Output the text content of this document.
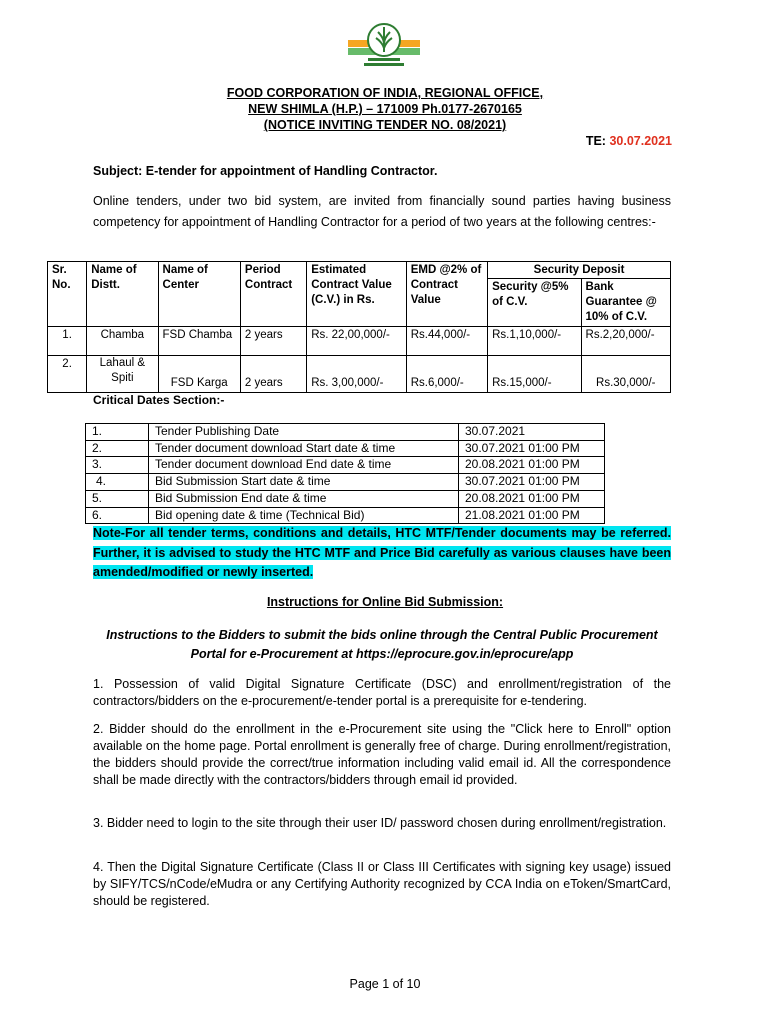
FOOD CORPORATION OF INDIA, REGIONAL OFFICE,
NEW SHIMLA (H.P.) – 171009 Ph.0177-2670165
(NOTICE INVITING TENDER NO. 08/2021)
TE: 30.07.2021
Subject: E-tender for appointment of Handling Contractor.
Online tenders, under two bid system, are invited from financially sound parties having business competency for appointment of Handling Contractor for a period of two years at the following centres:-
Sr. No.	Name of Distt.	Name of Center	Period Contract	Estimated Contract Value (C.V.) in Rs.	EMD @2% of Contract Value	Security Deposit	
						Security @5% of C.V.	Bank Guarantee @ 10% of C.V.
1.	Chamba	FSD Chamba	2 years	Rs. 22,00,000/-	Rs.44,000/-	Rs.1,10,000/-	Rs.2,20,000/-
2.	Lahaul & Spiti	FSD Karga	2 years	Rs. 3,00,000/-	Rs.6,000/-	Rs.15,000/-	Rs.30,000/-
Critical Dates Section:-
1.	Tender Publishing Date	30.07.2021
2.	Tender document download Start date & time	30.07.2021 01:00 PM
3.	Tender document download End date & time	20.08.2021 01:00 PM
4.	Bid Submission Start date & time	30.07.2021 01:00 PM
5.	Bid Submission End date & time	20.08.2021 01:00 PM
6.	Bid opening date & time (Technical Bid)	21.08.2021 01:00 PM
Note-For all tender terms, conditions and details, HTC MTF/Tender documents may be referred. Further, it is advised to study the HTC MTF and Price Bid carefully as various clauses have been amended/modified or newly inserted.
Instructions for Online Bid Submission:
Instructions to the Bidders to submit the bids online through the Central Public Procurement Portal for e-Procurement at https://eprocure.gov.in/eprocure/app
1. Possession of valid Digital Signature Certificate (DSC) and enrollment/registration of the contractors/bidders on the e-procurement/e-tender portal is a prerequisite for e-tendering.
2. Bidder should do the enrollment in the e-Procurement site using the "Click here to Enroll" option available on the home page. Portal enrollment is generally free of charge. During enrollment/registration, the bidders should provide the correct/true information including valid email id. All the correspondence shall be made directly with the contractors/bidders through email id provided.
3. Bidder need to login to the site through their user ID/ password chosen during enrollment/registration.
4. Then the Digital Signature Certificate (Class II or Class III Certificates with signing key usage) issued by SIFY/TCS/nCode/eMudra or any Certifying Authority recognized by CCA India on eToken/SmartCard, should be registered.
Page 1 of 10
